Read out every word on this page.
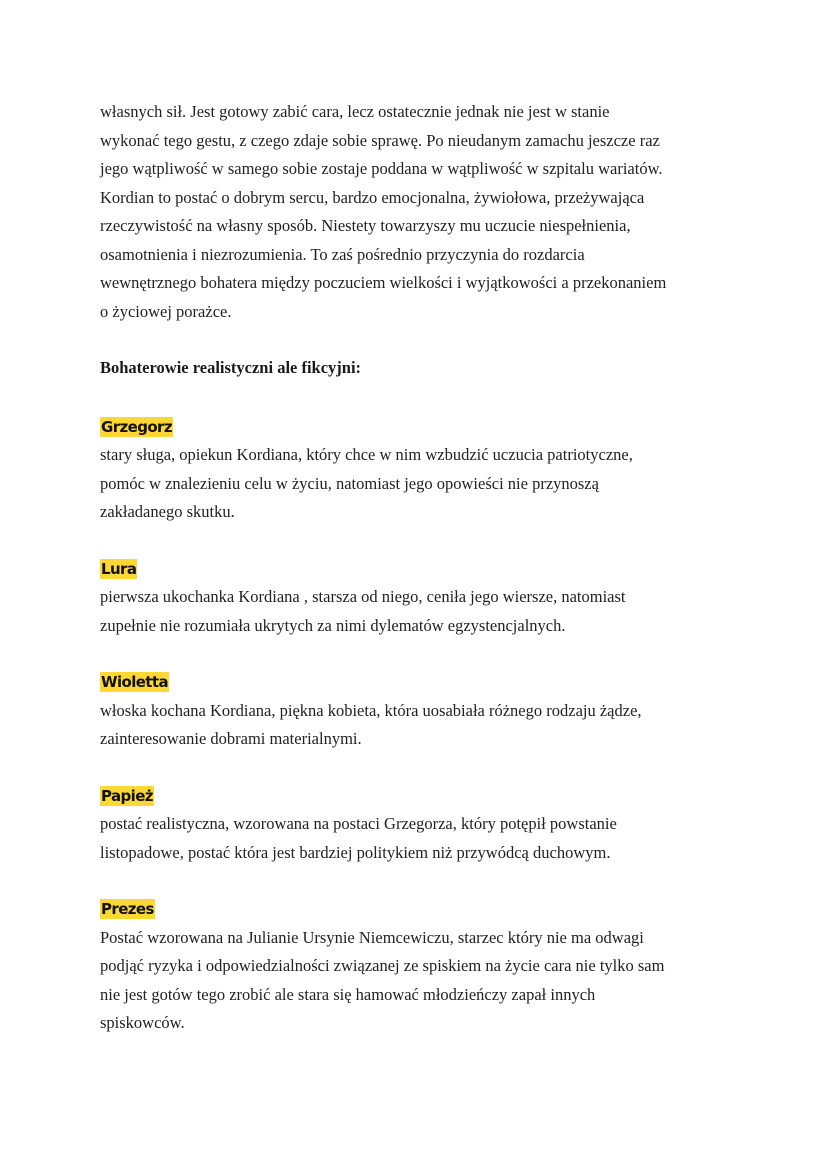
własnych sił. Jest gotowy zabić cara, lecz ostatecznie jednak nie jest w stanie
wykonać tego gestu, z czego zdaje sobie sprawę. Po nieudanym zamachu jeszcze raz
jego wątpliwość w samego sobie zostaje poddana w wątpliwość w szpitalu wariatów.
Kordian to postać o dobrym sercu, bardzo emocjonalna, żywiołowa, przeżywająca
rzeczywistość na własny sposób. Niestety towarzyszy mu uczucie niespełnienia,
osamotnienia i niezrozumienia. To zaś pośrednio przyczynia do rozdarcia
wewnętrznego bohatera między poczuciem wielkości i wyjątkowości a przekonaniem
o życiowej porażce.

Bohaterowie realistyczni ale fikcyjni:

Grzegorz

stary sługa, opiekun Kordiana, który chce w nim wzbudzić uczucia patriotyczne,
pomóc w znalezieniu celu w życiu, natomiast jego opowieści nie przynoszą
zakładanego skutku.

Lura

pierwsza ukochanka Kordiana , starsza od niego, ceniła jego wiersze, natomiast
zupełnie nie rozumiała ukrytych za nimi dylematów egzystencjalnych.

Wioletta

włoska kochana Kordiana, piękna kobieta, która uosabiała różnego rodzaju żądze,
zainteresowanie dobrami materialnymi.

Papież

postać realistyczna, wzorowana na postaci Grzegorza, który potępił powstanie
listopadowe, postać która jest bardziej politykiem niż przywódcą duchowym.

Prezes

Postać wzorowana na Julianie Ursynie Niemcewiczu, starzec który nie ma odwagi
podjąć ryzyka i odpowiedzialności związanej ze spiskiem na życie cara nie tylko sam
nie jest gotów tego zrobić ale stara się hamować młodzieńczy zapał innych
spiskowców.
